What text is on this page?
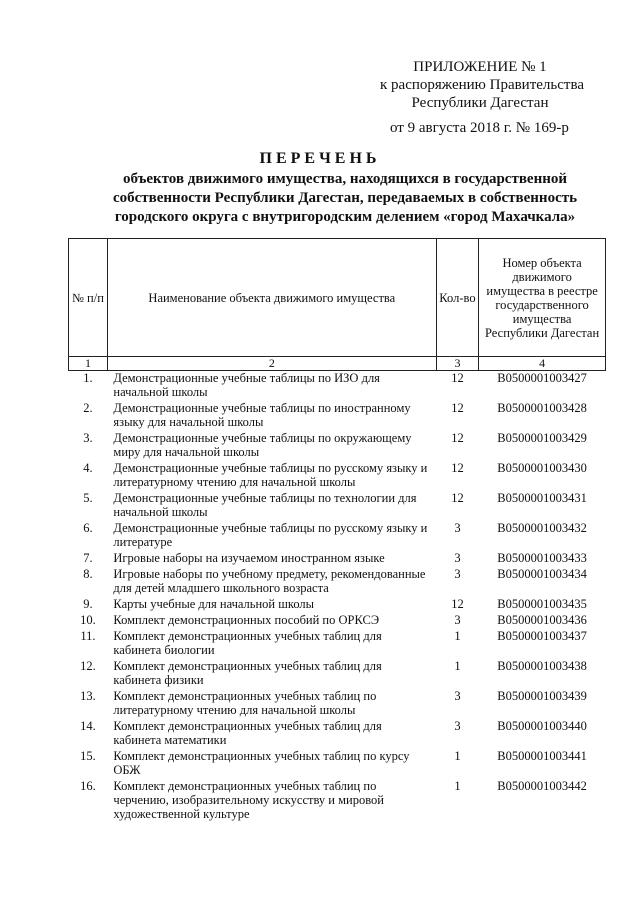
ПРИЛОЖЕНИЕ № 1
к распоряжению Правительства
Республики Дагестан
от 9 августа 2018 г. № 169-р
ПЕРЕЧЕНЬ
объектов движимого имущества, находящихся в государственной
собственности Республики Дагестан, передаваемых в собственность
городского округа с внутригородским делением «город Махачкала»
№ п/п	Наименование объекта движимого имущества	Кол-во	Номер объекта движимого имущества в реестре государственного имущества Республики Дагестан
1	2	3	4
1.	Демонстрационные учебные таблицы по ИЗО для начальной школы	12	В0500001003427
2.	Демонстрационные учебные таблицы по иностранному языку для начальной школы	12	В0500001003428
3.	Демонстрационные учебные таблицы по окружающему миру для начальной школы	12	В0500001003429
4.	Демонстрационные учебные таблицы по русскому языку и литературному чтению для начальной школы	12	В0500001003430
5.	Демонстрационные учебные таблицы по технологии для начальной школы	12	В0500001003431
6.	Демонстрационные учебные таблицы по русскому языку и литературе	3	В0500001003432
7.	Игровые наборы на изучаемом иностранном языке	3	В0500001003433
8.	Игровые наборы по учебному предмету, рекомендованные для детей младшего школьного возраста	3	В0500001003434
9.	Карты учебные для начальной школы	12	В0500001003435
10.	Комплект демонстрационных пособий по ОРКСЭ	3	В0500001003436
11.	Комплект демонстрационных учебных таблиц для кабинета биологии	1	В0500001003437
12.	Комплект демонстрационных учебных таблиц для кабинета физики	1	В0500001003438
13.	Комплект демонстрационных учебных таблиц по литературному чтению для начальной школы	3	В0500001003439
14.	Комплект демонстрационных учебных таблиц для кабинета математики	3	В0500001003440
15.	Комплект демонстрационных учебных таблиц по курсу ОБЖ	1	В0500001003441
16.	Комплект демонстрационных учебных таблиц по черчению, изобразительному искусству и мировой художественной культуре	1	В0500001003442
